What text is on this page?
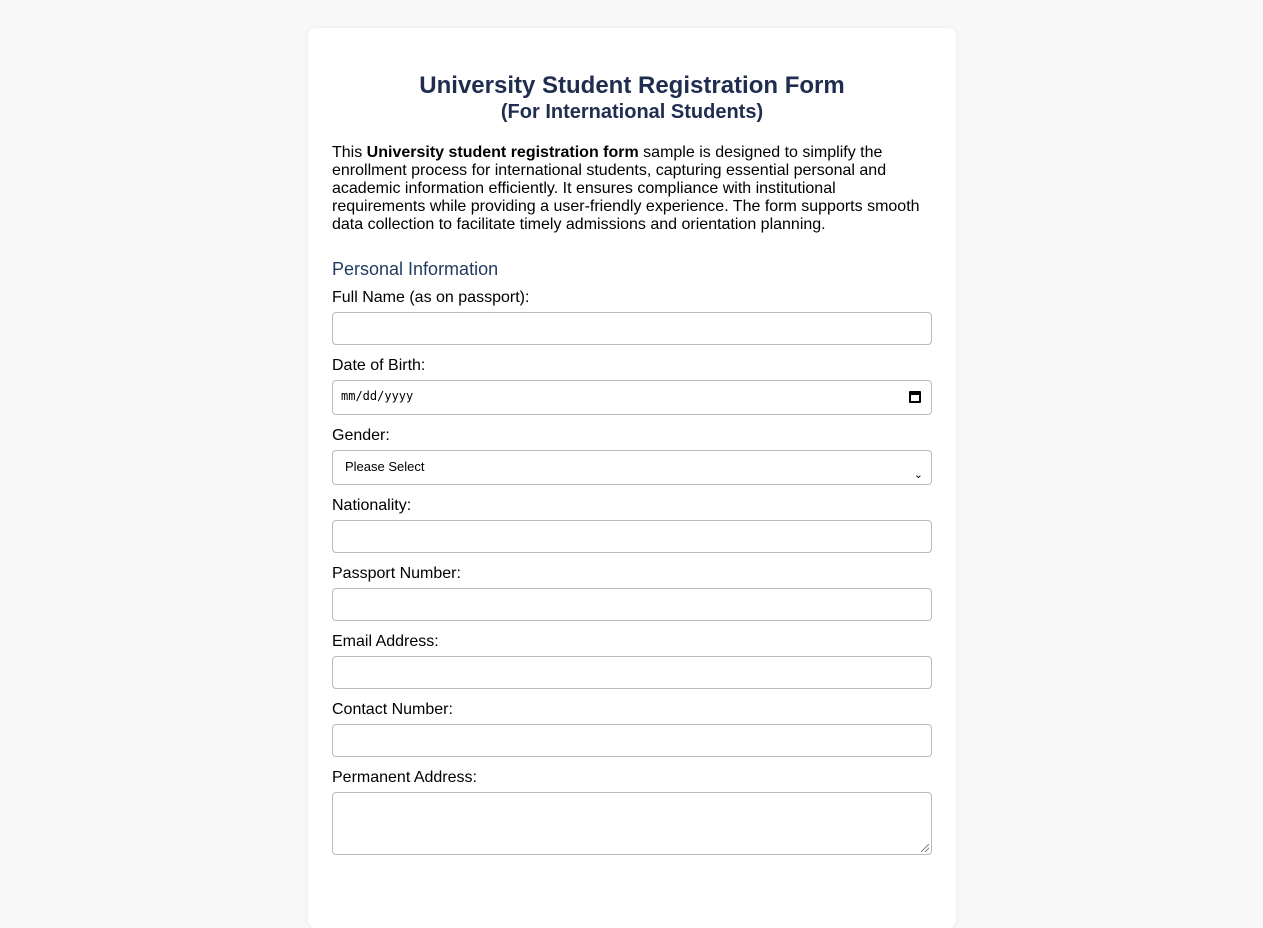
University Student Registration Form
(For International Students)

This University student registration form sample is designed to simplify the enrollment process for international students, capturing essential personal and academic information efficiently. It ensures compliance with institutional requirements while providing a user-friendly experience. The form supports smooth data collection to facilitate timely admissions and orientation planning.

Personal Information
Full Name (as on passport):
Date of Birth:
mm/dd/yyyy
Gender:
Please Select
⌄
Nationality:
Passport Number:
Email Address:
Contact Number:
Permanent Address:
